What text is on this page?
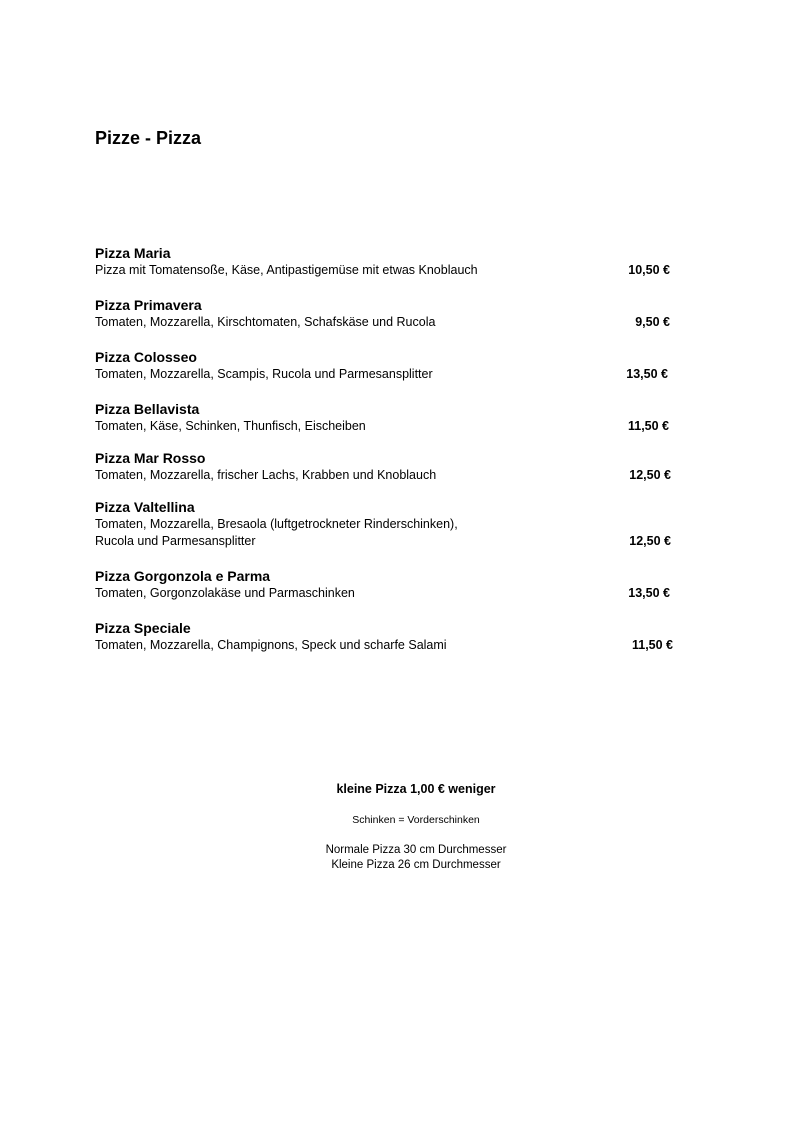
Pizze - Pizza
Pizza Maria
Pizza mit Tomatensoße, Käse, Antipastigemüse mit etwas Knoblauch	10,50 €
Pizza Primavera
Tomaten, Mozzarella, Kirschtomaten, Schafskäse und Rucola	9,50 €
Pizza Colosseo
Tomaten, Mozzarella, Scampis, Rucola und Parmesansplitter	13,50 €
Pizza Bellavista
Tomaten, Käse, Schinken, Thunfisch, Eischeiben	11,50 €
Pizza Mar Rosso
Tomaten, Mozzarella, frischer Lachs, Krabben und Knoblauch	12,50 €
Pizza Valtellina
Tomaten, Mozzarella, Bresaola (luftgetrockneter Rinderschinken),
Rucola und Parmesansplitter	12,50 €
Pizza Gorgonzola e Parma
Tomaten, Gorgonzolakäse und Parmaschinken	13,50 €
Pizza Speciale
Tomaten, Mozzarella, Champignons, Speck und scharfe Salami	11,50 €
kleine Pizza 1,00 € weniger
Schinken = Vorderschinken
Normale Pizza 30 cm Durchmesser
Kleine Pizza 26 cm Durchmesser
